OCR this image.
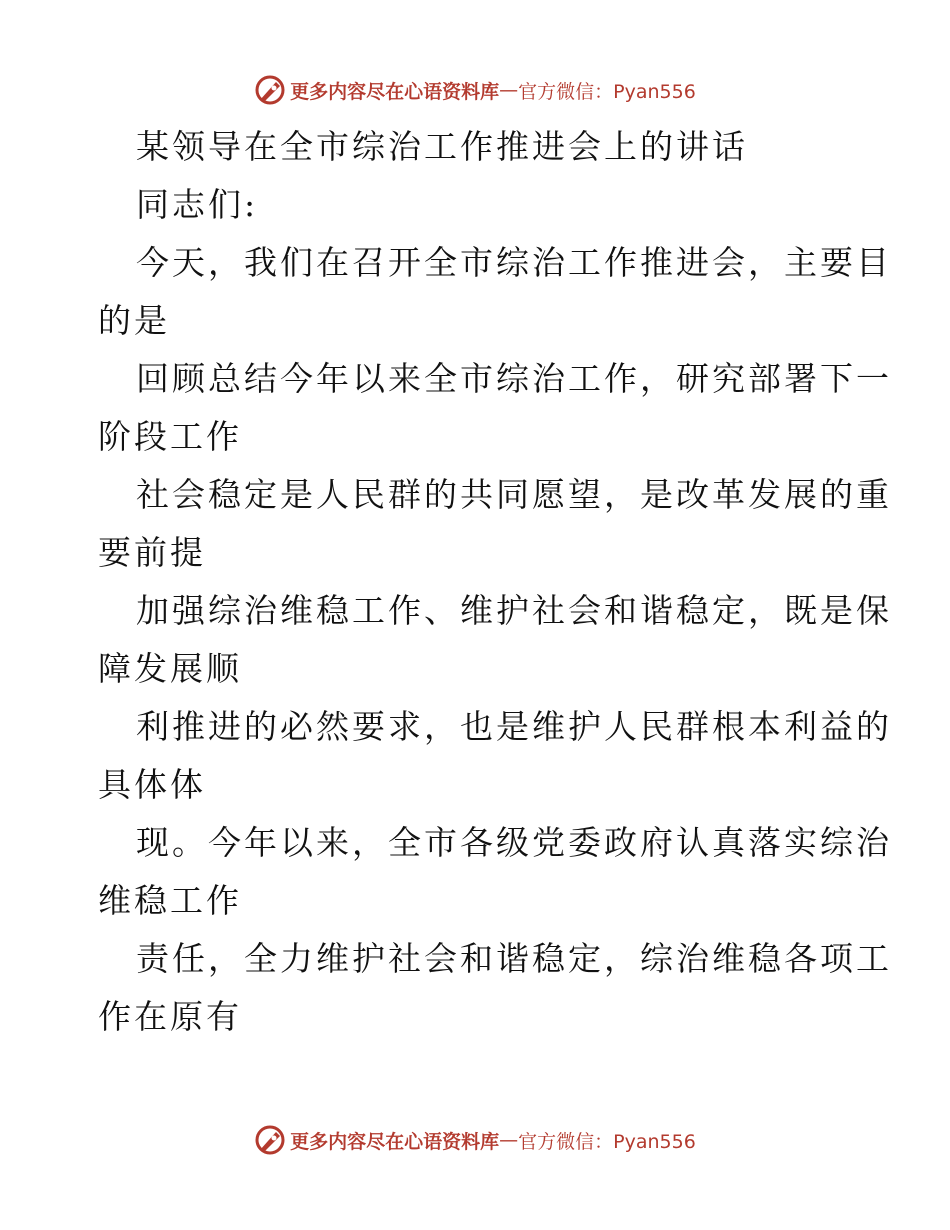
更多内容尽在心语资料库 — 官方微信：Pyan556
某领导在全市综治工作推进会上的讲话
同志们:
今天，我们在召开全市综治工作推进会，主要目
的是
回顾总结今年以来全市综治工作，研究部署下一
阶段工作
社会稳定是人民群的共同愿望，是改革发展的重
要前提
加强综治维稳工作、维护社会和谐稳定，既是保
障发展顺
利推进的必然要求，也是维护人民群根本利益的
具体体
现。今年以来，全市各级党委政府认真落实综治
维稳工作
责任，全力维护社会和谐稳定，综治维稳各项工
作在原有
更多内容尽在心语资料库 — 官方微信：Pyan556
